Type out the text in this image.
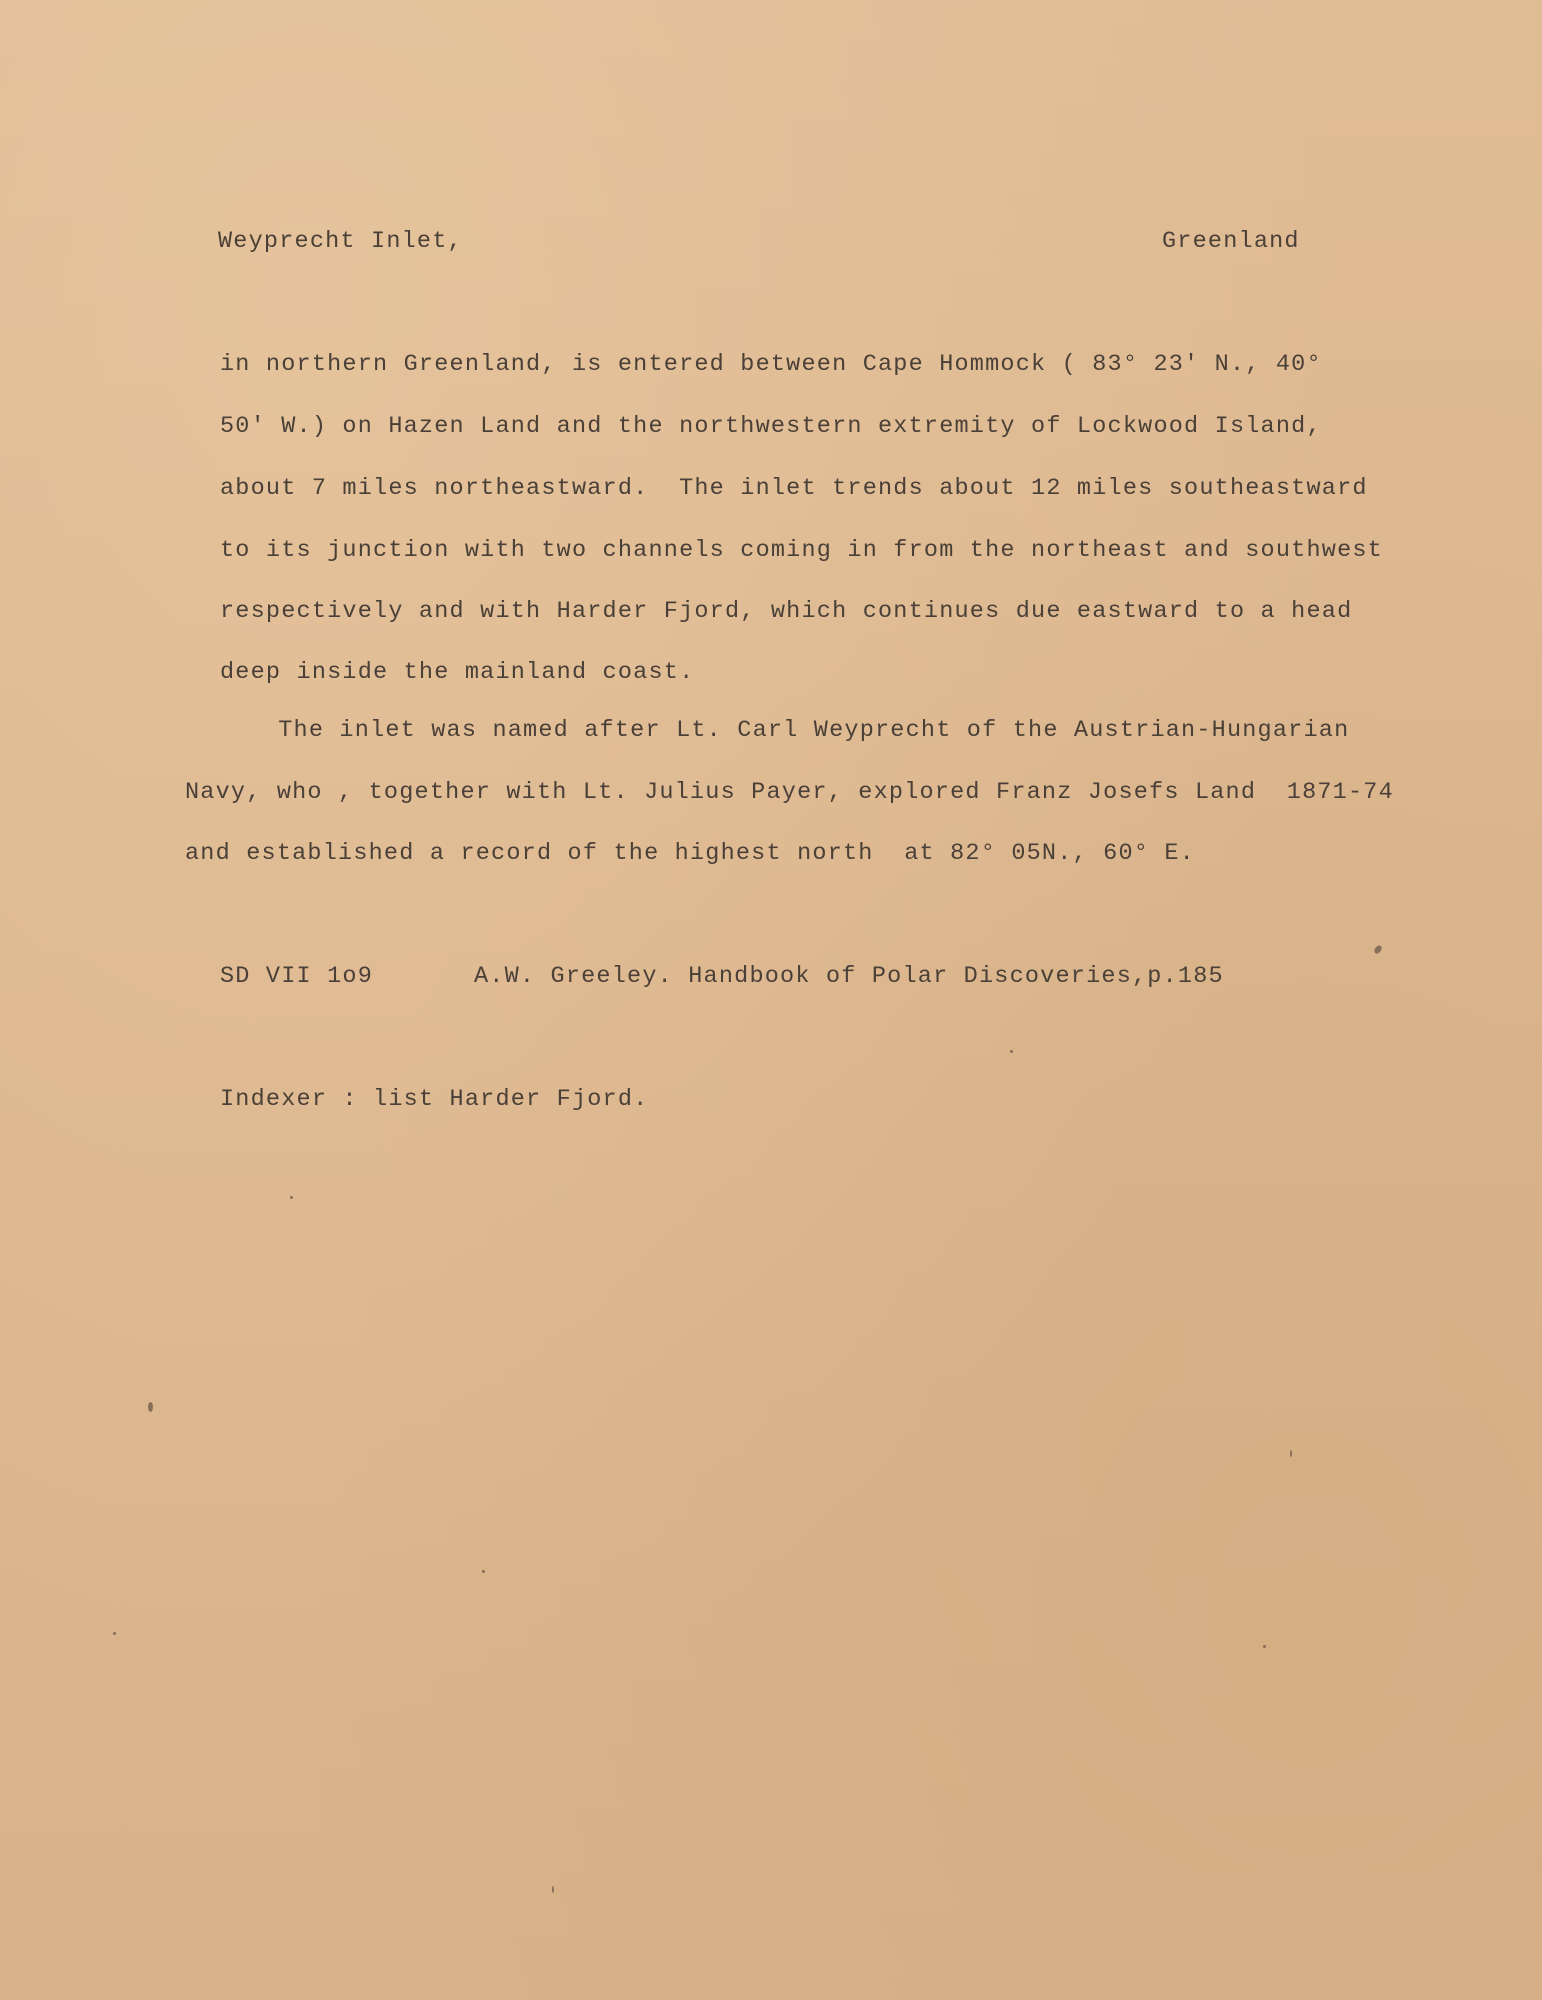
Weyprecht Inlet,	Greenland
in northern Greenland, is entered between Cape Hommock ( 83° 23' N., 40°
50' W.) on Hazen Land and the northwestern extremity of Lockwood Island,
about 7 miles northeastward.  The inlet trends about 12 miles southeastward
to its junction with two channels coming in from the northeast and southwest
respectively and with Harder Fjord, which continues due eastward to a head
deep inside the mainland coast.
The inlet was named after Lt. Carl Weyprecht of the Austrian-Hungarian
Navy, who , together with Lt. Julius Payer, explored Franz Josefs Land  1871-74
and established a record of the highest north  at 82° 05N., 60° E.
SD VII 1o9	A.W. Greeley. Handbook of Polar Discoveries,p.185
Indexer : list Harder Fjord.
